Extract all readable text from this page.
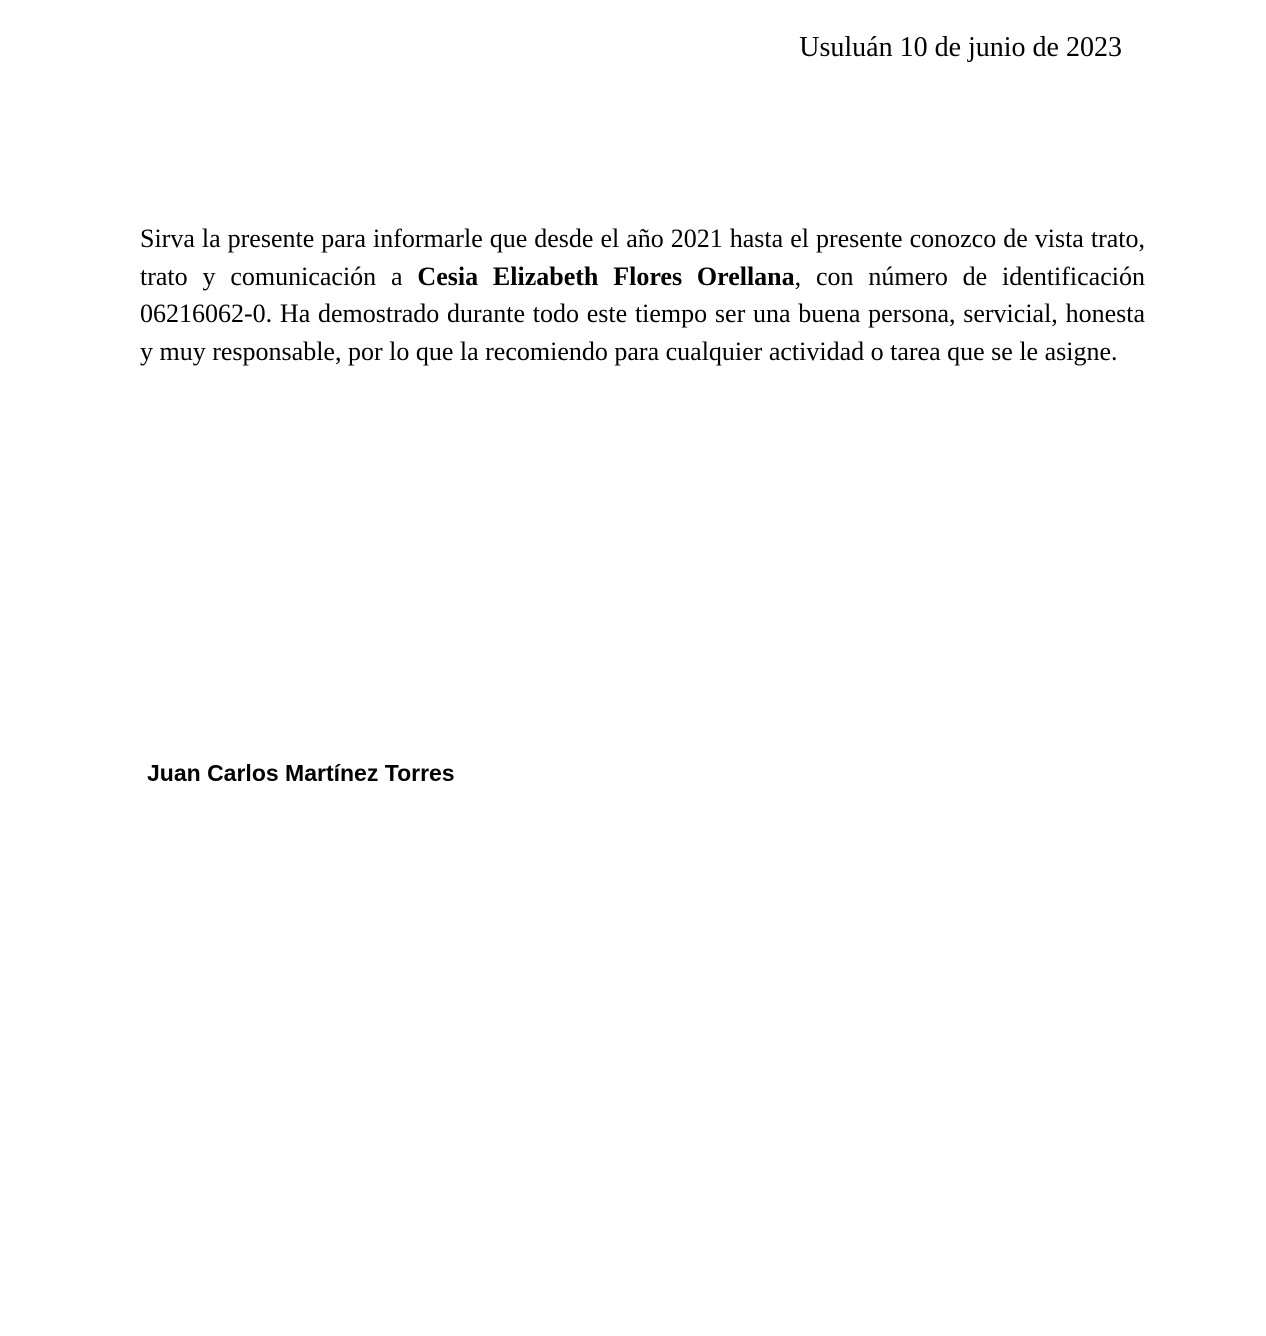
Usuluán 10 de junio de 2023

Sirva la presente para informarle que desde el año 2021 hasta el presente conozco de vista trato, trato y comunicación a Cesia Elizabeth Flores Orellana, con número de identificación 06216062-0. Ha demostrado durante todo este tiempo ser una buena persona, servicial, honesta y muy responsable, por lo que la recomiendo para cualquier actividad o tarea que se le asigne.

Juan Carlos Martínez Torres
